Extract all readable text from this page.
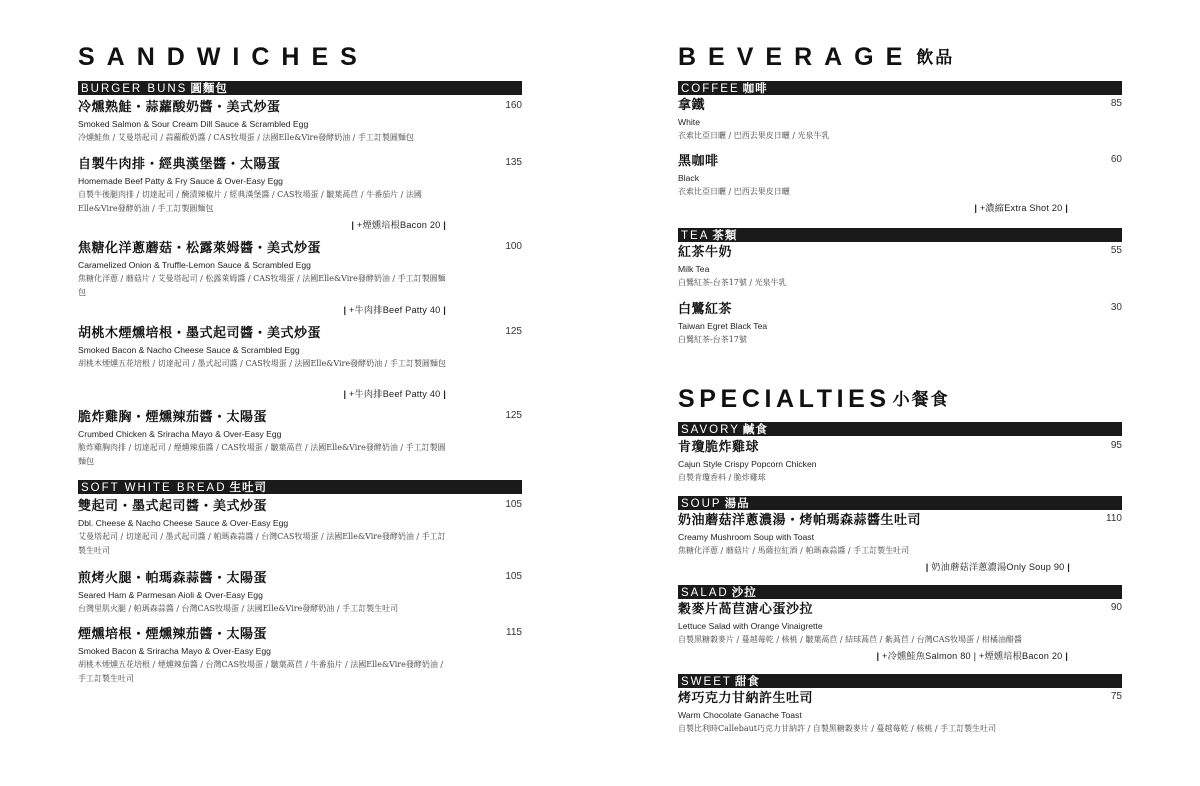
SANDWICHES
BURGER BUNS 圓麵包
冷燻熟鮭・蒜蘿酸奶醬・美式炒蛋	160
Smoked Salmon & Sour Cream Dill Sauce & Scrambled Egg
冷燻鮭魚 / 艾曼塔起司 / 蒜蘿酸奶醬 / CAS牧場蛋 / 法國Elle&Vire發酵奶油 / 手工訂製圓麵包
自製牛肉排・經典漢堡醬・太陽蛋	135
Homemade Beef Patty & Fry Sauce & Over-Easy Egg
自製牛後腿肉排 / 切達起司 / 醃漬辣椒片 / 經典漢堡醬 / CAS牧場蛋 / 皺葉萵苣 / 牛番茄片 / 法國Elle&Vire發酵奶油 / 手工訂製圓麵包
| +煙燻培根Bacon 20 |
焦糖化洋蔥蘑菇・松露萊姆醬・美式炒蛋	100
Caramelized Onion & Truffle-Lemon Sauce & Scrambled Egg
焦糖化洋蔥 / 蘑菇片 / 艾曼塔起司 / 松露萊姆醬 / CAS牧場蛋 / 法國Elle&Vire發酵奶油 / 手工訂製圓麵包
| +牛肉排Beef Patty 40 |
胡桃木煙燻培根・墨式起司醬・美式炒蛋	125
Smoked Bacon & Nacho Cheese Sauce & Scrambled Egg
胡桃木煙燻五花培根 / 切達起司 / 墨式起司醬 / CAS牧場蛋 / 法國Elle&Vire發酵奶油 / 手工訂製圓麵包
| +牛肉排Beef Patty 40 |
脆炸雞胸・煙燻辣茄醬・太陽蛋	125
Crumbed Chicken & Sriracha Mayo & Over-Easy Egg
脆炸雞胸肉排 / 切達起司 / 煙燻辣茄醬 / CAS牧場蛋 / 皺葉萵苣 / 法國Elle&Vire發酵奶油 / 手工訂製圓麵包
SOFT WHITE BREAD 生吐司
雙起司・墨式起司醬・美式炒蛋	105
Dbl. Cheese & Nacho Cheese Sauce & Over-Easy Egg
艾曼塔起司 / 切達起司 / 墨式起司醬 / 帕瑪森蒜醬 / 台灣CAS牧場蛋 / 法國Elle&Vire發酵奶油 / 手工訂製生吐司
煎烤火腿・帕瑪森蒜醬・太陽蛋	105
Seared Ham & Parmesan Aioli & Over-Easy Egg
台灣里肌火腿 / 帕瑪森蒜醬 / 台灣CAS牧場蛋 / 法國Elle&Vire發酵奶油 / 手工訂製生吐司
煙燻培根・煙燻辣茄醬・太陽蛋	115
Smoked Bacon & Sriracha Mayo & Over-Easy Egg
胡桃木煙燻五花培根 / 煙燻辣茄醬 / 台灣CAS牧場蛋 / 皺葉萵苣 / 牛番茄片 / 法國Elle&Vire發酵奶油 / 手工訂製生吐司
BEVERAGE 飲品
COFFEE 咖啡
拿鐵	85
White
衣索比亞日曬 / 巴西去果皮日曬 / 光泉牛乳
黑咖啡	60
Black
衣索比亞日曬 / 巴西去果皮日曬
| +濃縮Extra Shot 20 |
TEA 茶類
紅茶牛奶	55
Milk Tea
白鷺紅茶-台茶17號 / 光泉牛乳
白鷺紅茶	30
Taiwan Egret Black Tea
白鷺紅茶-台茶17號
SPECIALTIES 小餐食
SAVORY 鹹食
肯瓊脆炸雞球	95
Cajun Style Crispy Popcorn Chicken
自製肯瓊香料 / 脆炸雞球
SOUP 湯品
奶油蘑菇洋蔥濃湯・烤帕瑪森蒜醬生吐司	110
Creamy Mushroom Soup with Toast
焦糖化洋蔥 / 蘑菇片 / 馬薩拉紅酒 / 帕瑪森蒜醬 / 手工訂製生吐司
| 奶油蘑菇洋蔥濃湯Only Soup 90 |
SALAD 沙拉
穀麥片萵苣溏心蛋沙拉	90
Lettuce Salad with Orange Vinaigrette
自製黑糖穀麥片 / 蔓越莓乾 / 核桃 / 皺葉萵苣 / 結球萵苣 / 紫萵苣 / 台灣CAS牧場蛋 / 柑橘油醋醬
| +冷燻鮭魚Salmon 80 | +煙燻培根Bacon 20 |
SWEET 甜食
烤巧克力甘納許生吐司	75
Warm Chocolate Ganache Toast
自製比利時Callebaut巧克力甘納許 / 自製黑糖穀麥片 / 蔓越莓乾 / 核桃 / 手工訂製生吐司
